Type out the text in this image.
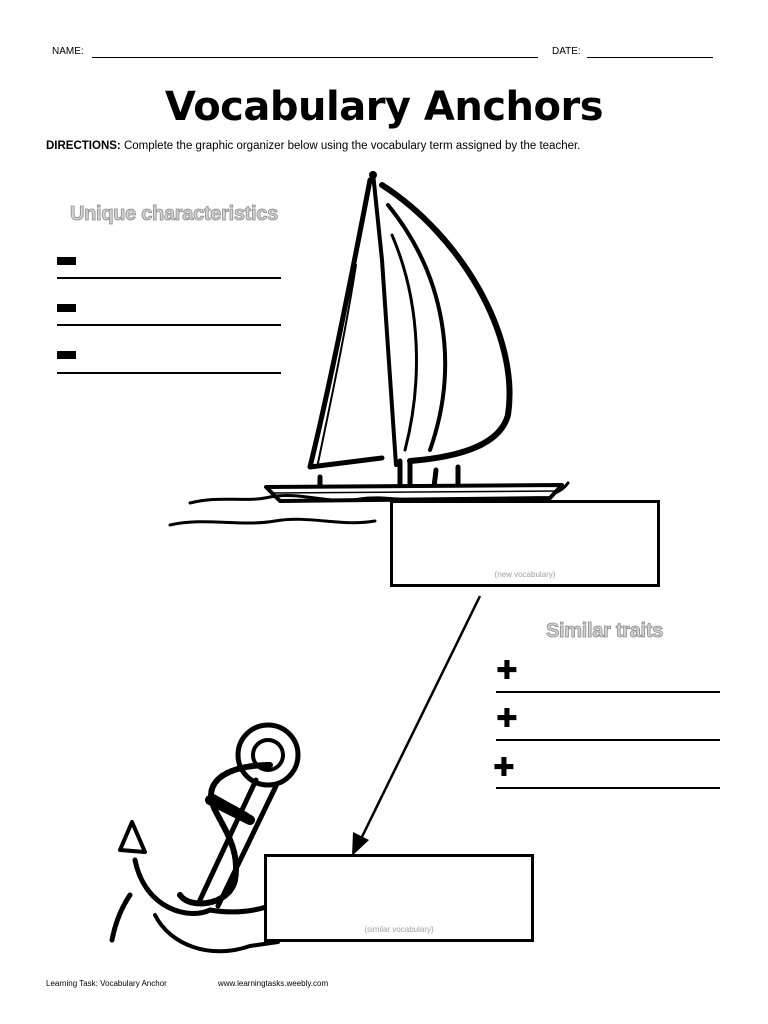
NAME:	DATE:
Vocabulary Anchors
DIRECTIONS: Complete the graphic organizer below using the vocabulary term assigned by the teacher.
Unique characteristics
(new vocabulary)
Similar traits
✚
✚
✚
(similar vocabulary)
Learning Task: Vocabulary Anchor	www.learningtasks.weebly.com
